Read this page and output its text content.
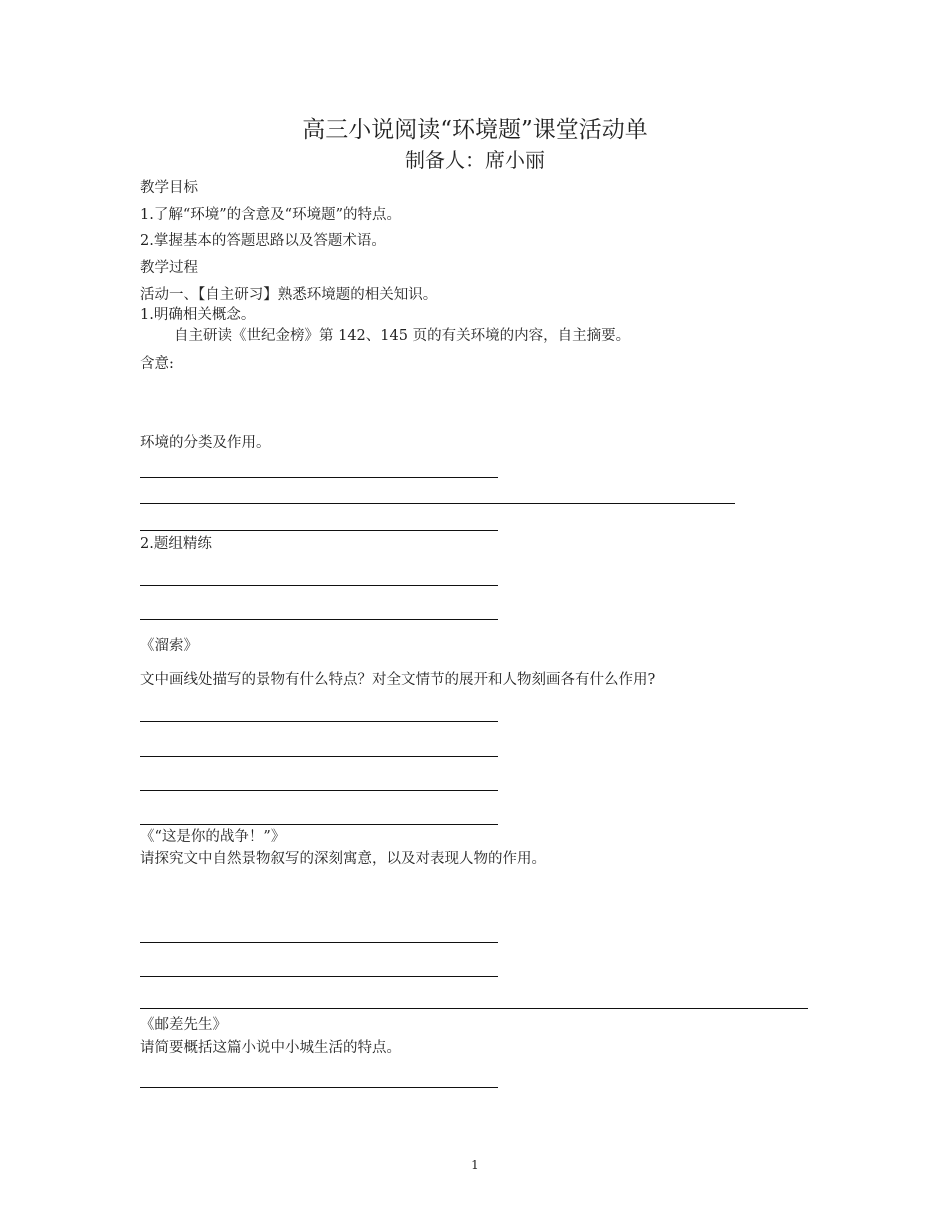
高三小说阅读“环境题”课堂活动单
制备人：席小丽
教学目标
1.了解“环境”的含意及“环境题”的特点。
2.掌握基本的答题思路以及答题术语。
教学过程
活动一、【自主研习】熟悉环境题的相关知识。
1.明确相关概念。
自主研读《世纪金榜》第 142、145 页的有关环境的内容，自主摘要。
含意:
环境的分类及作用。
2.题组精练
《溜索》
文中画线处描写的景物有什么特点？对全文情节的展开和人物刻画各有什么作用?
《“这是你的战争！”》
请探究文中自然景物叙写的深刻寓意，以及对表现人物的作用。
《邮差先生》
请简要概括这篇小说中小城生活的特点。
1
